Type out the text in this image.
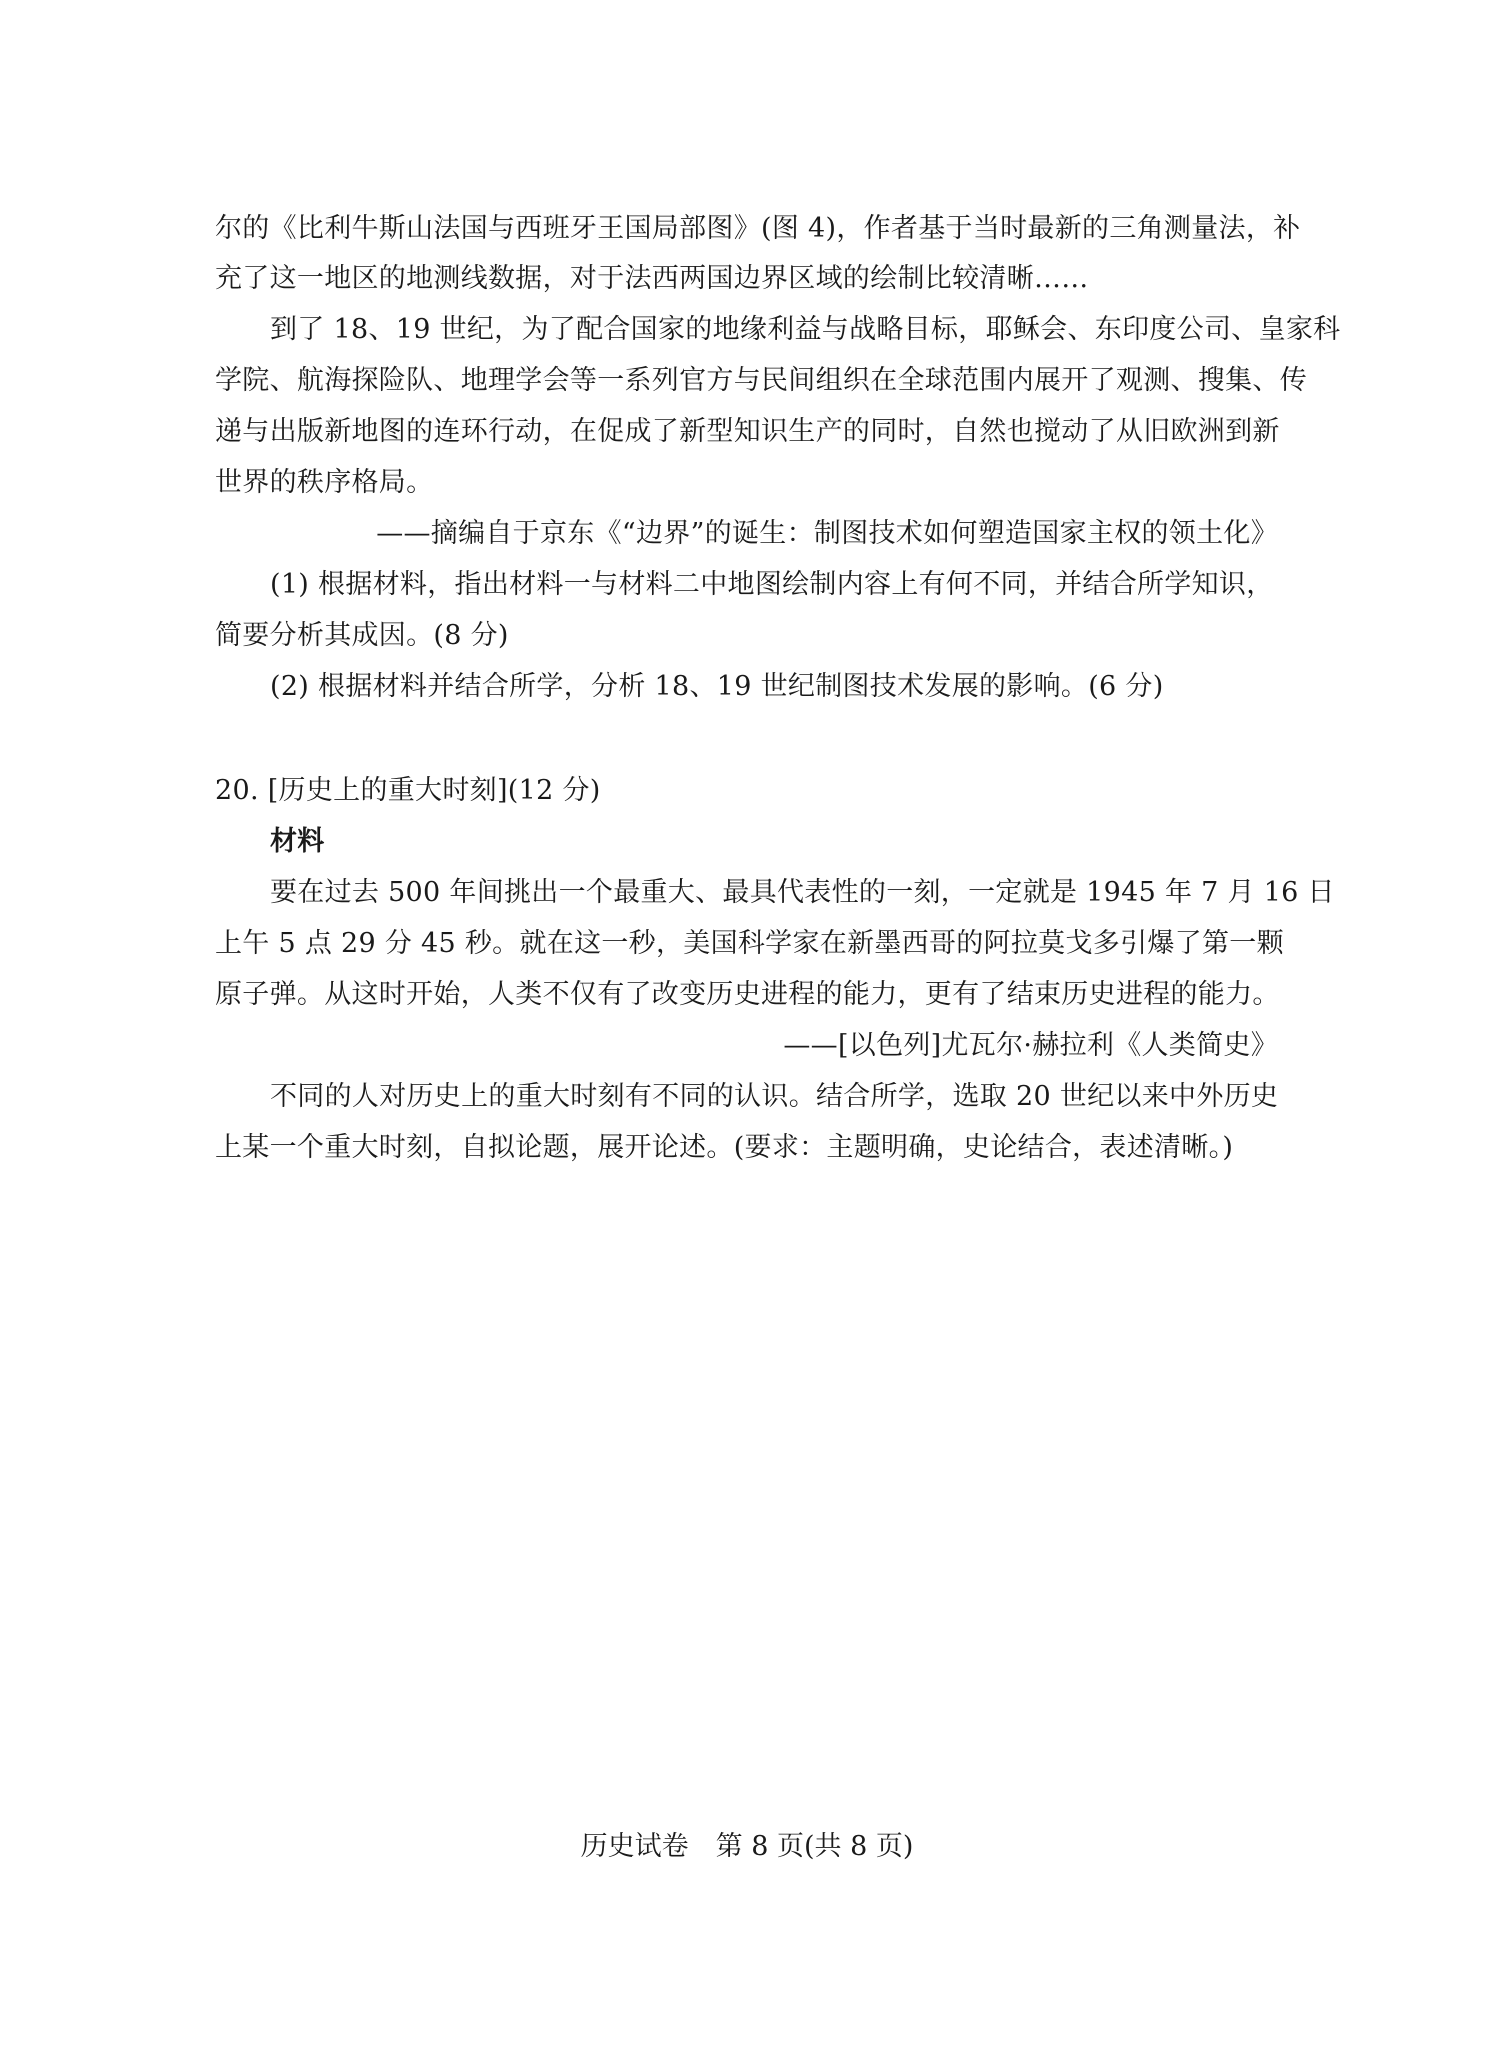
尔的《比利牛斯山法国与西班牙王国局部图》(图 4)，作者基于当时最新的三角测量法，补
充了这一地区的地测线数据，对于法西两国边界区域的绘制比较清晰……
到了 18、19 世纪，为了配合国家的地缘利益与战略目标，耶稣会、东印度公司、皇家科
学院、航海探险队、地理学会等一系列官方与民间组织在全球范围内展开了观测、搜集、传
递与出版新地图的连环行动，在促成了新型知识生产的同时，自然也搅动了从旧欧洲到新
世界的秩序格局。
——摘编自于京东《“边界”的诞生：制图技术如何塑造国家主权的领土化》
(1) 根据材料，指出材料一与材料二中地图绘制内容上有何不同，并结合所学知识，
简要分析其成因。(8 分)
(2) 根据材料并结合所学，分析 18、19 世纪制图技术发展的影响。(6 分)
20. [历史上的重大时刻](12 分)
材料
要在过去 500 年间挑出一个最重大、最具代表性的一刻，一定就是 1945 年 7 月 16 日
上午 5 点 29 分 45 秒。就在这一秒，美国科学家在新墨西哥的阿拉莫戈多引爆了第一颗
原子弹。从这时开始，人类不仅有了改变历史进程的能力，更有了结束历史进程的能力。
——[以色列]尤瓦尔·赫拉利《人类简史》
不同的人对历史上的重大时刻有不同的认识。结合所学，选取 20 世纪以来中外历史
上某一个重大时刻，自拟论题，展开论述。(要求：主题明确，史论结合，表述清晰。)
历史试卷　第 8 页(共 8 页)
